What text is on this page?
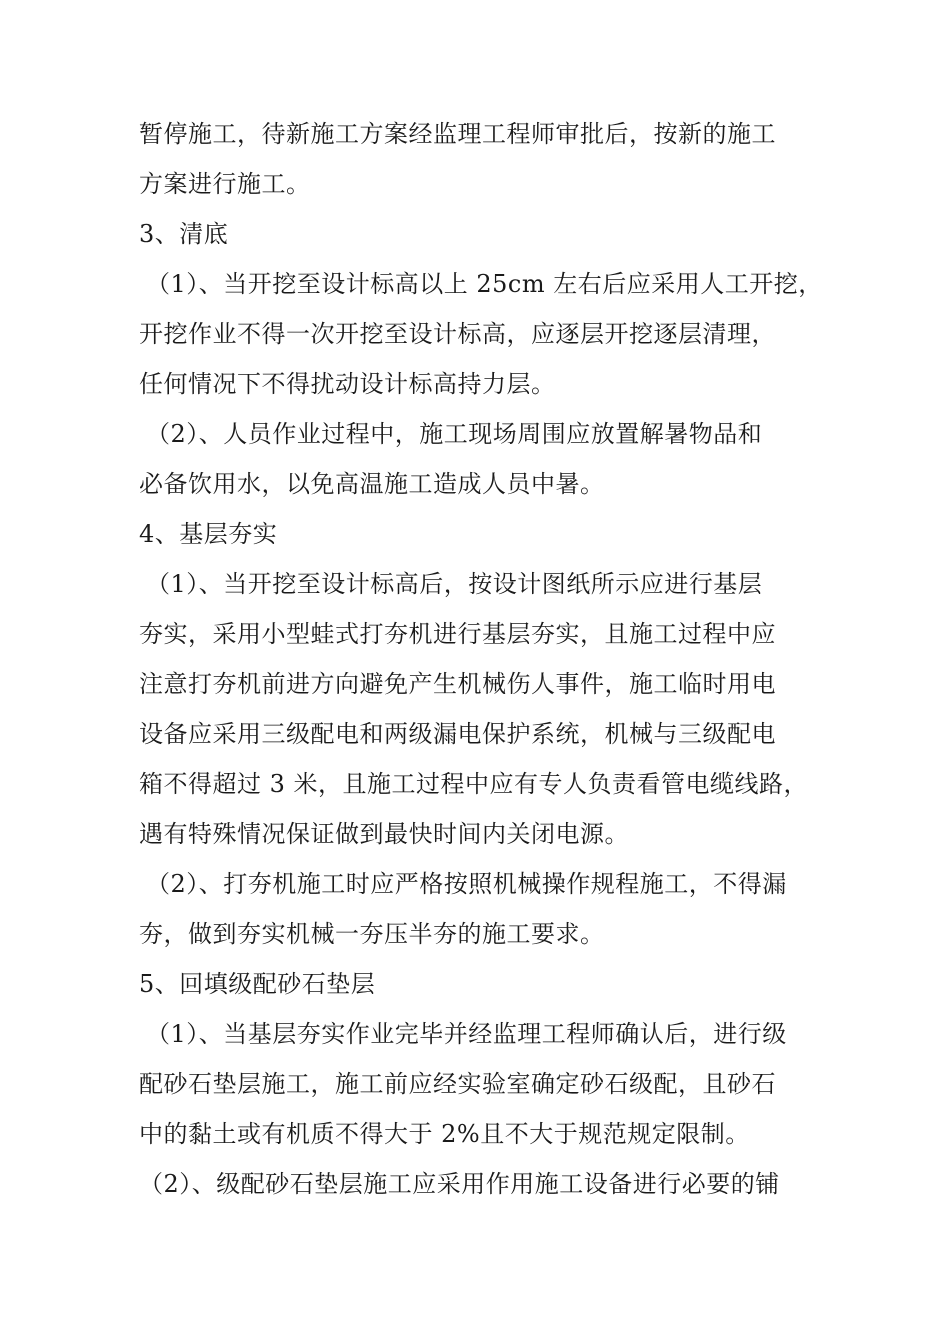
暂停施工，待新施工方案经监理工程师审批后，按新的施工
方案进行施工。
3、清底
（1）、当开挖至设计标高以上 25cm 左右后应采用人工开挖，
开挖作业不得一次开挖至设计标高，应逐层开挖逐层清理，
任何情况下不得扰动设计标高持力层。
（2）、人员作业过程中，施工现场周围应放置解暑物品和
必备饮用水，以免高温施工造成人员中暑。
4、基层夯实
（1）、当开挖至设计标高后，按设计图纸所示应进行基层
夯实，采用小型蛙式打夯机进行基层夯实，且施工过程中应
注意打夯机前进方向避免产生机械伤人事件，施工临时用电
设备应采用三级配电和两级漏电保护系统，机械与三级配电
箱不得超过 3 米，且施工过程中应有专人负责看管电缆线路，
遇有特殊情况保证做到最快时间内关闭电源。
（2）、打夯机施工时应严格按照机械操作规程施工，不得漏
夯，做到夯实机械一夯压半夯的施工要求。
5、回填级配砂石垫层
（1）、当基层夯实作业完毕并经监理工程师确认后，进行级
配砂石垫层施工，施工前应经实验室确定砂石级配，且砂石
中的黏土或有机质不得大于 2%且不大于规范规定限制。
（2）、级配砂石垫层施工应采用作用施工设备进行必要的铺
